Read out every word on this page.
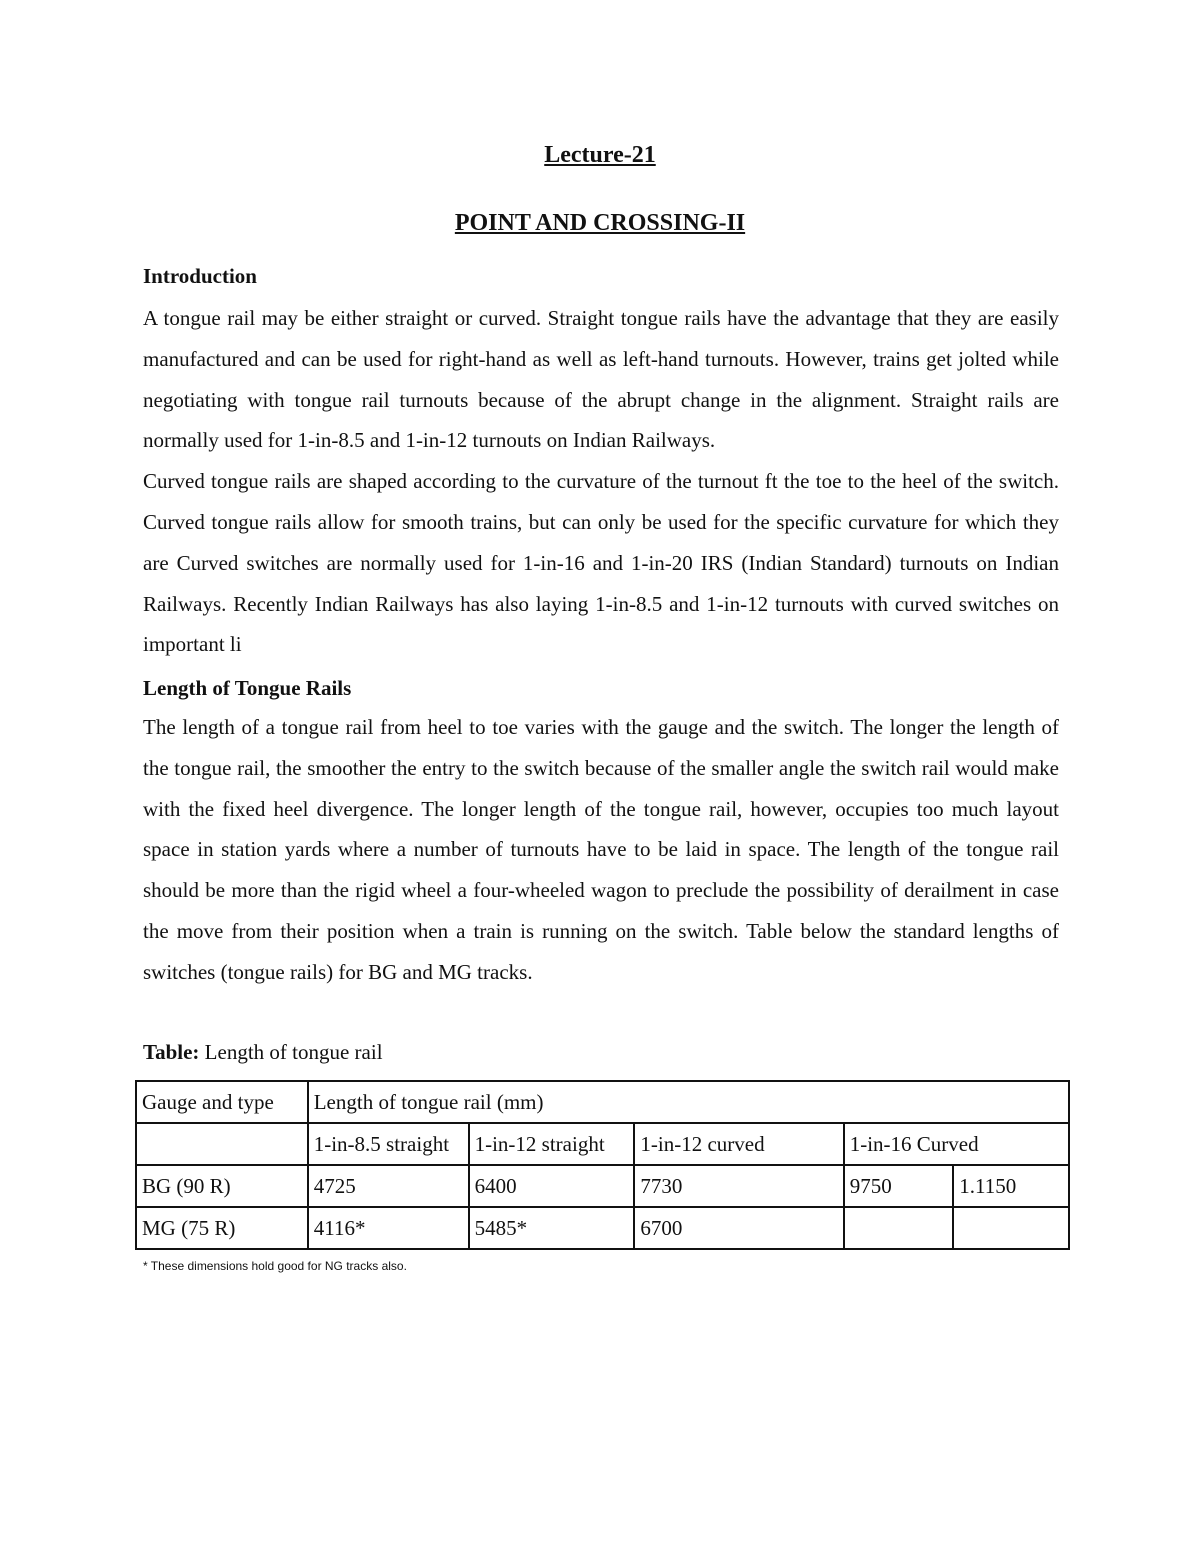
Lecture-21
POINT AND CROSSING-II
Introduction

A tongue rail may be either straight or curved. Straight tongue rails have the advantage that they are easily manufactured and can be used for right-hand as well as left-hand turnouts. However, trains get jolted while negotiating with tongue rail turnouts because of the abrupt change in the alignment. Straight rails are normally used for 1-in-8.5 and 1-in-12 turnouts on Indian Railways.

Curved tongue rails are shaped according to the curvature of the turnout ft the toe to the heel of the switch. Curved tongue rails allow for smooth trains, but can only be used for the specific curvature for which they are Curved switches are normally used for 1-in-16 and 1-in-20 IRS (Indian Standard) turnouts on Indian Railways. Recently Indian Railways has also laying 1-in-8.5 and 1-in-12 turnouts with curved switches on important li

Length of Tongue Rails

The length of a tongue rail from heel to toe varies with the gauge and the switch. The longer the length of the tongue rail, the smoother the entry to the switch because of the smaller angle the switch rail would make with the fixed heel divergence. The longer length of the tongue rail, however, occupies too much layout space in station yards where a number of turnouts have to be laid in space. The length of the tongue rail should be more than the rigid wheel a four-wheeled wagon to preclude the possibility of derailment in case the move from their position when a train is running on the switch. Table below the standard lengths of switches (tongue rails) for BG and MG tracks.

Table: Length of tongue rail
Gauge and type	Length of tongue rail (mm)				
	1-in-8.5 straight	1-in-12 straight	1-in-12 curved	1-in-16 Curved	
BG (90 R)	4725	6400	7730	9750	1.1150
MG (75 R)	4116*	5485*	6700		
* These dimensions hold good for NG tracks also.
